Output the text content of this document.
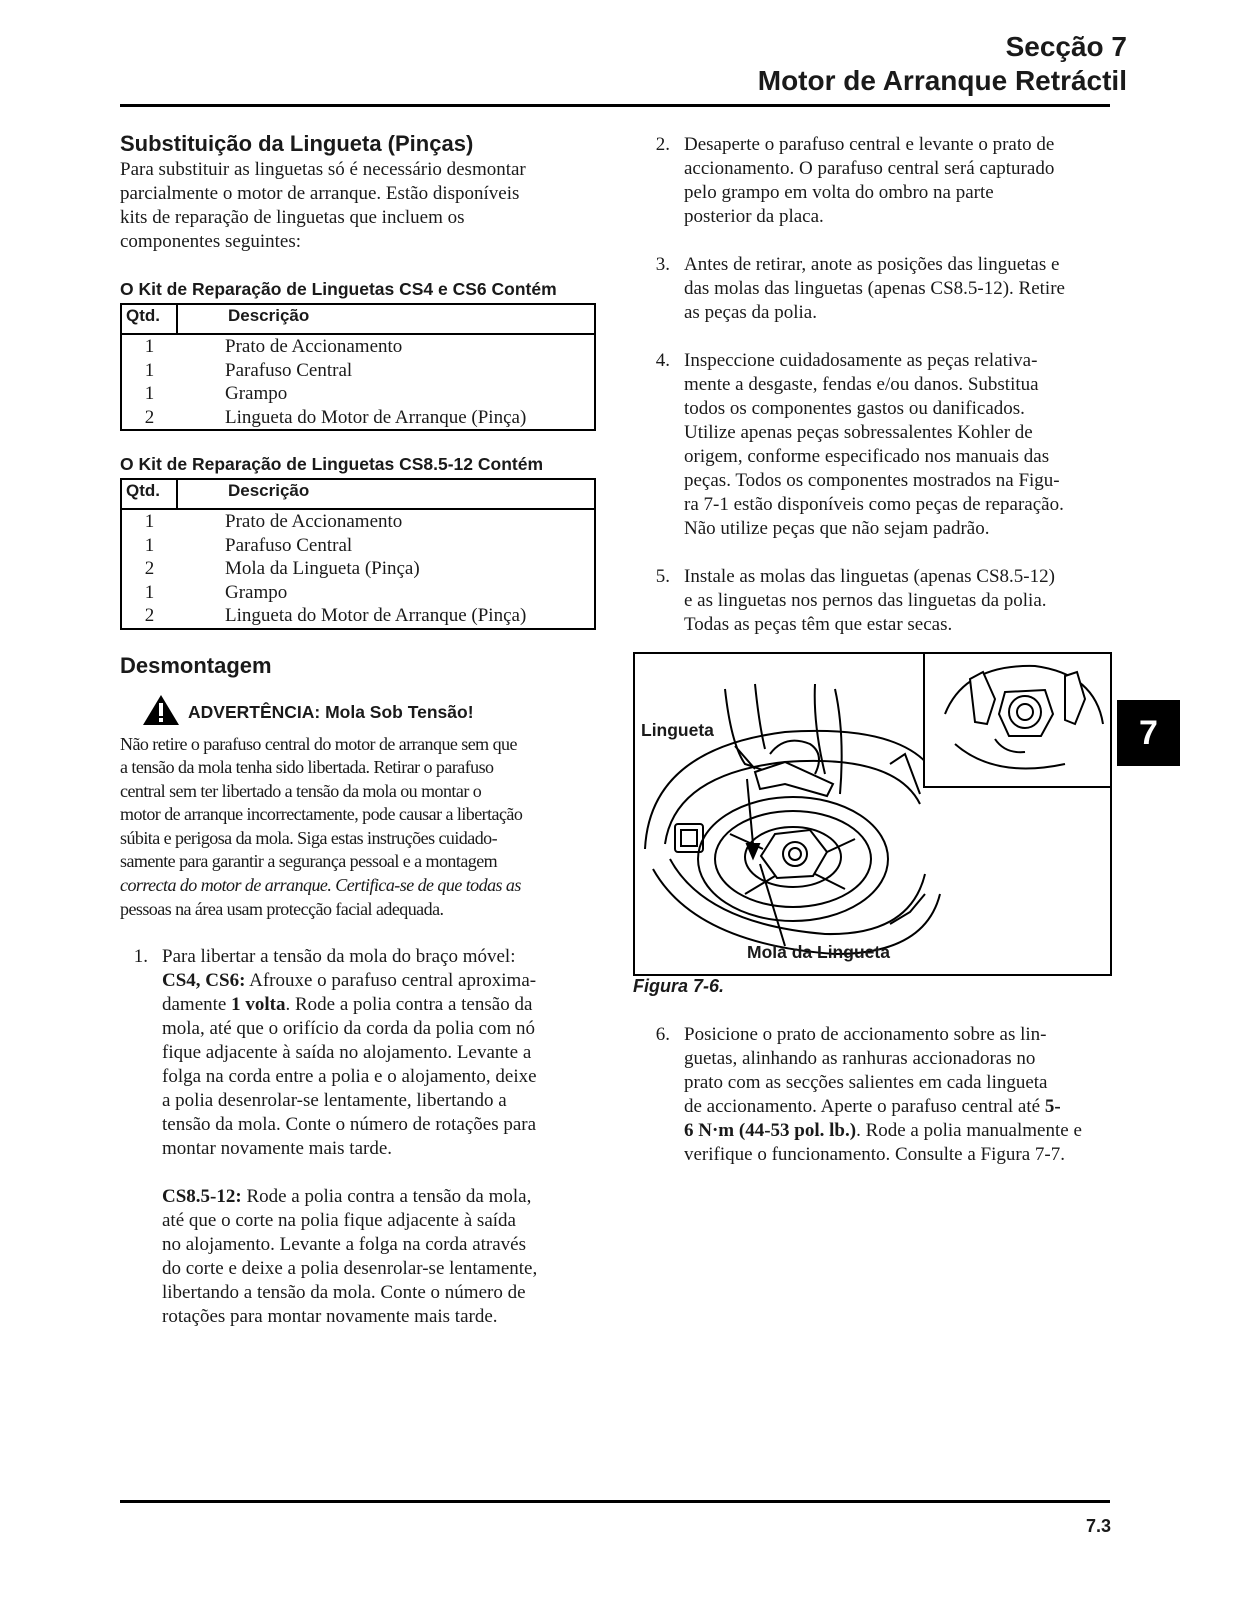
Secção 7
Motor de Arranque Retráctil
Substituição da Lingueta (Pinças)

Para substituir as linguetas só é necessário desmontar
parcialmente o motor de arranque. Estão disponíveis
kits de reparação de linguetas que incluem os
componentes seguintes:

O Kit de Reparação de Linguetas CS4 e CS6 Contém

Qtd.	Descrição
1	Prato de Accionamento
1	Parafuso Central
1	Grampo
2	Lingueta do Motor de Arranque (Pinça)

O Kit de Reparação de Linguetas CS8.5-12 Contém

Qtd.	Descrição
1	Prato de Accionamento
1	Parafuso Central
2	Mola da Lingueta (Pinça)
1	Grampo
2	Lingueta do Motor de Arranque (Pinça)
Desmontagem
ADVERTÊNCIA: Mola Sob Tensão!

Não retire o parafuso central do motor de arranque sem que
a tensão da mola tenha sido libertada. Retirar o parafuso
central sem ter libertado a tensão da mola ou montar o
motor de arranque incorrectamente, pode causar a libertação
súbita e perigosa da mola. Siga estas instruções cuidado-
samente para garantir a segurança pessoal e a montagem
correcta do motor de arranque. Certifica-se de que todas as
pessoas na área usam protecção facial adequada.

1. Para libertar a tensão da mola do braço móvel:
CS4, CS6: Afrouxe o parafuso central aproxima-
damente 1 volta. Rode a polia contra a tensão da
mola, até que o orifício da corda da polia com nó
fique adjacente à saída no alojamento. Levante a
folga na corda entre a polia e o alojamento, deixe
a polia desenrolar-se lentamente, libertando a
tensão da mola. Conte o número de rotações para
montar novamente mais tarde.
CS8.5-12: Rode a polia contra a tensão da mola,
até que o corte na polia fique adjacente à saída
no alojamento. Levante a folga na corda através
do corte e deixe a polia desenrolar-se lentamente,
libertando a tensão da mola. Conte o número de
rotações para montar novamente mais tarde.
2. Desaperte o parafuso central e levante o prato de
accionamento. O parafuso central será capturado
pelo grampo em volta do ombro na parte
posterior da placa.
3. Antes de retirar, anote as posições das linguetas e
das molas das linguetas (apenas CS8.5-12). Retire
as peças da polia.
4. Inspeccione cuidadosamente as peças relativa-
mente a desgaste, fendas e/ou danos. Substitua
todos os componentes gastos ou danificados.
Utilize apenas peças sobressalentes Kohler de
origem, conforme especificado nos manuais das
peças. Todos os componentes mostrados na Figu-
ra 7-1 estão disponíveis como peças de reparação.
Não utilize peças que não sejam padrão.
5. Instale as molas das linguetas (apenas CS8.5-12)
e as linguetas nos pernos das linguetas da polia.
Todas as peças têm que estar secas.
Lingueta
Mola da Lingueta
Figura 7-6.
6. Posicione o prato de accionamento sobre as lin-
guetas, alinhando as ranhuras accionadoras no
prato com as secções salientes em cada lingueta
de accionamento. Aperte o parafuso central até 5-
6 N·m (44-53 pol. lb.). Rode a polia manualmente e
verifique o funcionamento. Consulte a Figura 7-7.
7
7.3
